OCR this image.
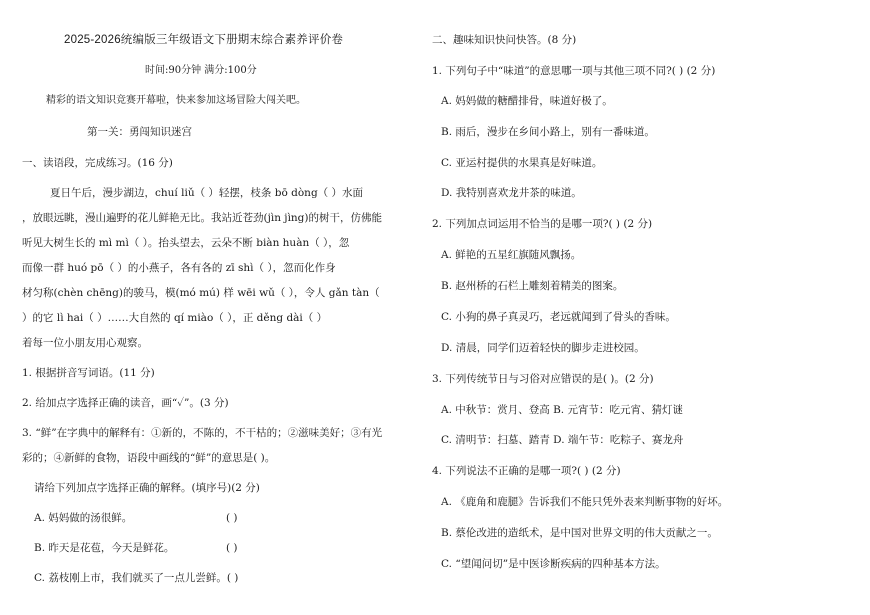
2025-2026统编版三年级语文下册期末综合素养评价卷
时间:90分钟 满分:100分
精彩的语文知识竞赛开幕啦，快来参加这场冒险大闯关吧。
第一关：勇闯知识迷宫
一、读语段，完成练习。(16 分)
夏日午后，漫步湖边，chuí liǔ（ ）轻摆，枝条 bō dòng（ ）水面
，放眼远眺，漫山遍野的花儿鲜艳无比。我站近苍劲(jìn jìng)的树干，仿佛能
听见大树生长的 mì mì（ ）。抬头望去，云朵不断 biàn huàn（ ），忽
而像一群 huó pō（ ）的小燕子，各有各的 zī shì（ ），忽而化作身
材匀称(chèn chēng)的骏马，模(mó mú) 样 wēi wǔ（ ），令人 gǎn tàn（
）的它 lì hai（ ）……大自然的 qí miào（ ），正 děng dài（ ）
着每一位小朋友用心观察。
1. 根据拼音写词语。(11 分)
2. 给加点字选择正确的读音，画“✓”。(3 分)
3. “鲜”在字典中的解释有：①新的，不陈的，不干枯的；②滋味美好；③有光
彩的；④新鲜的食物，语段中画线的“鲜”的意思是( )。
请给下列加点字选择正确的解释。(填序号)(2 分)
A. 妈妈做的汤很鲜。	( )
B. 昨天是花苞，今天是鲜花。	( )
C. 荔枝刚上市，我们就买了一点儿尝鲜。( )
二、趣味知识快问快答。(8 分)
1. 下列句子中“味道”的意思哪一项与其他三项不同?( ) (2 分)
A. 妈妈做的糖醋排骨，味道好极了。
B. 雨后，漫步在乡间小路上，别有一番味道。
C. 亚运村提供的水果真是好味道。
D. 我特别喜欢龙井茶的味道。
2. 下列加点词运用不恰当的是哪一项?( ) (2 分)
A. 鲜艳的五星红旗随风飘扬。
B. 赵州桥的石栏上雕刻着精美的图案。
C. 小狗的鼻子真灵巧，老远就闻到了骨头的香味。
D. 清晨，同学们迈着轻快的脚步走进校园。
3. 下列传统节日与习俗对应错误的是( )。(2 分)
A. 中秋节：赏月、登高 B. 元宵节：吃元宵、猜灯谜
C. 清明节：扫墓、踏青 D. 端午节：吃粽子、赛龙舟
4. 下列说法不正确的是哪一项?( ) (2 分)
A. 《鹿角和鹿腿》告诉我们不能只凭外表来判断事物的好坏。
B. 蔡伦改进的造纸术，是中国对世界文明的伟大贡献之一。
C. “望闻问切”是中医诊断疾病的四种基本方法。
